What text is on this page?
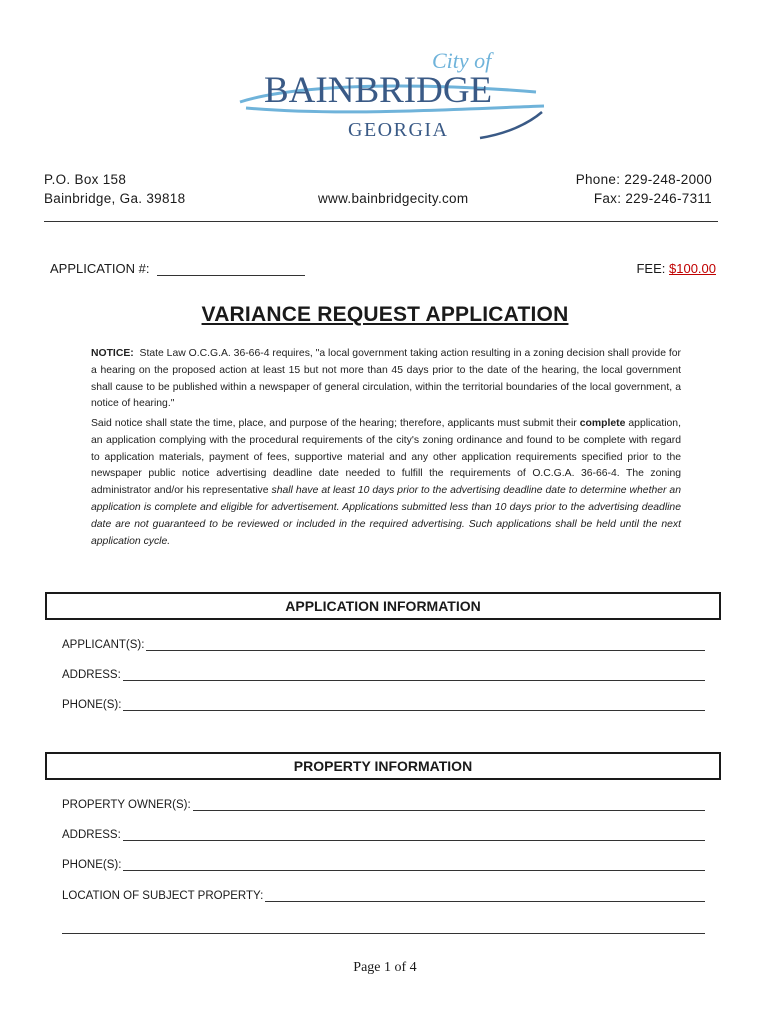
City of
BAINBRIDGE
GEORGIA
P.O. Box 158
Bainbridge, Ga. 39818	www.bainbridgecity.com
Phone: 229-248-2000
Fax: 229-246-7311
APPLICATION #:	FEE: $100.00
VARIANCE REQUEST APPLICATION

NOTICE: State Law O.C.G.A. 36-66-4 requires, "a local government taking action resulting in a zoning decision shall provide for a hearing on the proposed action at least 15 but not more than 45 days prior to the date of the hearing, the local government shall cause to be published within a newspaper of general circulation, within the territorial boundaries of the local government, a notice of hearing."

Said notice shall state the time, place, and purpose of the hearing; therefore, applicants must submit their complete application, an application complying with the procedural requirements of the city's zoning ordinance and found to be complete with regard to application materials, payment of fees, supportive material and any other application requirements specified prior to the newspaper public notice advertising deadline date needed to fulfill the requirements of O.C.G.A. 36-66-4. The zoning administrator and/or his representative shall have at least 10 days prior to the advertising deadline date to determine whether an application is complete and eligible for advertisement. Applications submitted less than 10 days prior to the advertising deadline date are not guaranteed to be reviewed or included in the required advertising. Such applications shall be held until the next application cycle.

APPLICATION INFORMATION
APPLICANT(S):
ADDRESS:
PHONE(S):
PROPERTY INFORMATION
PROPERTY OWNER(S):
ADDRESS:
PHONE(S):
LOCATION OF SUBJECT PROPERTY:
Page 1 of 4
